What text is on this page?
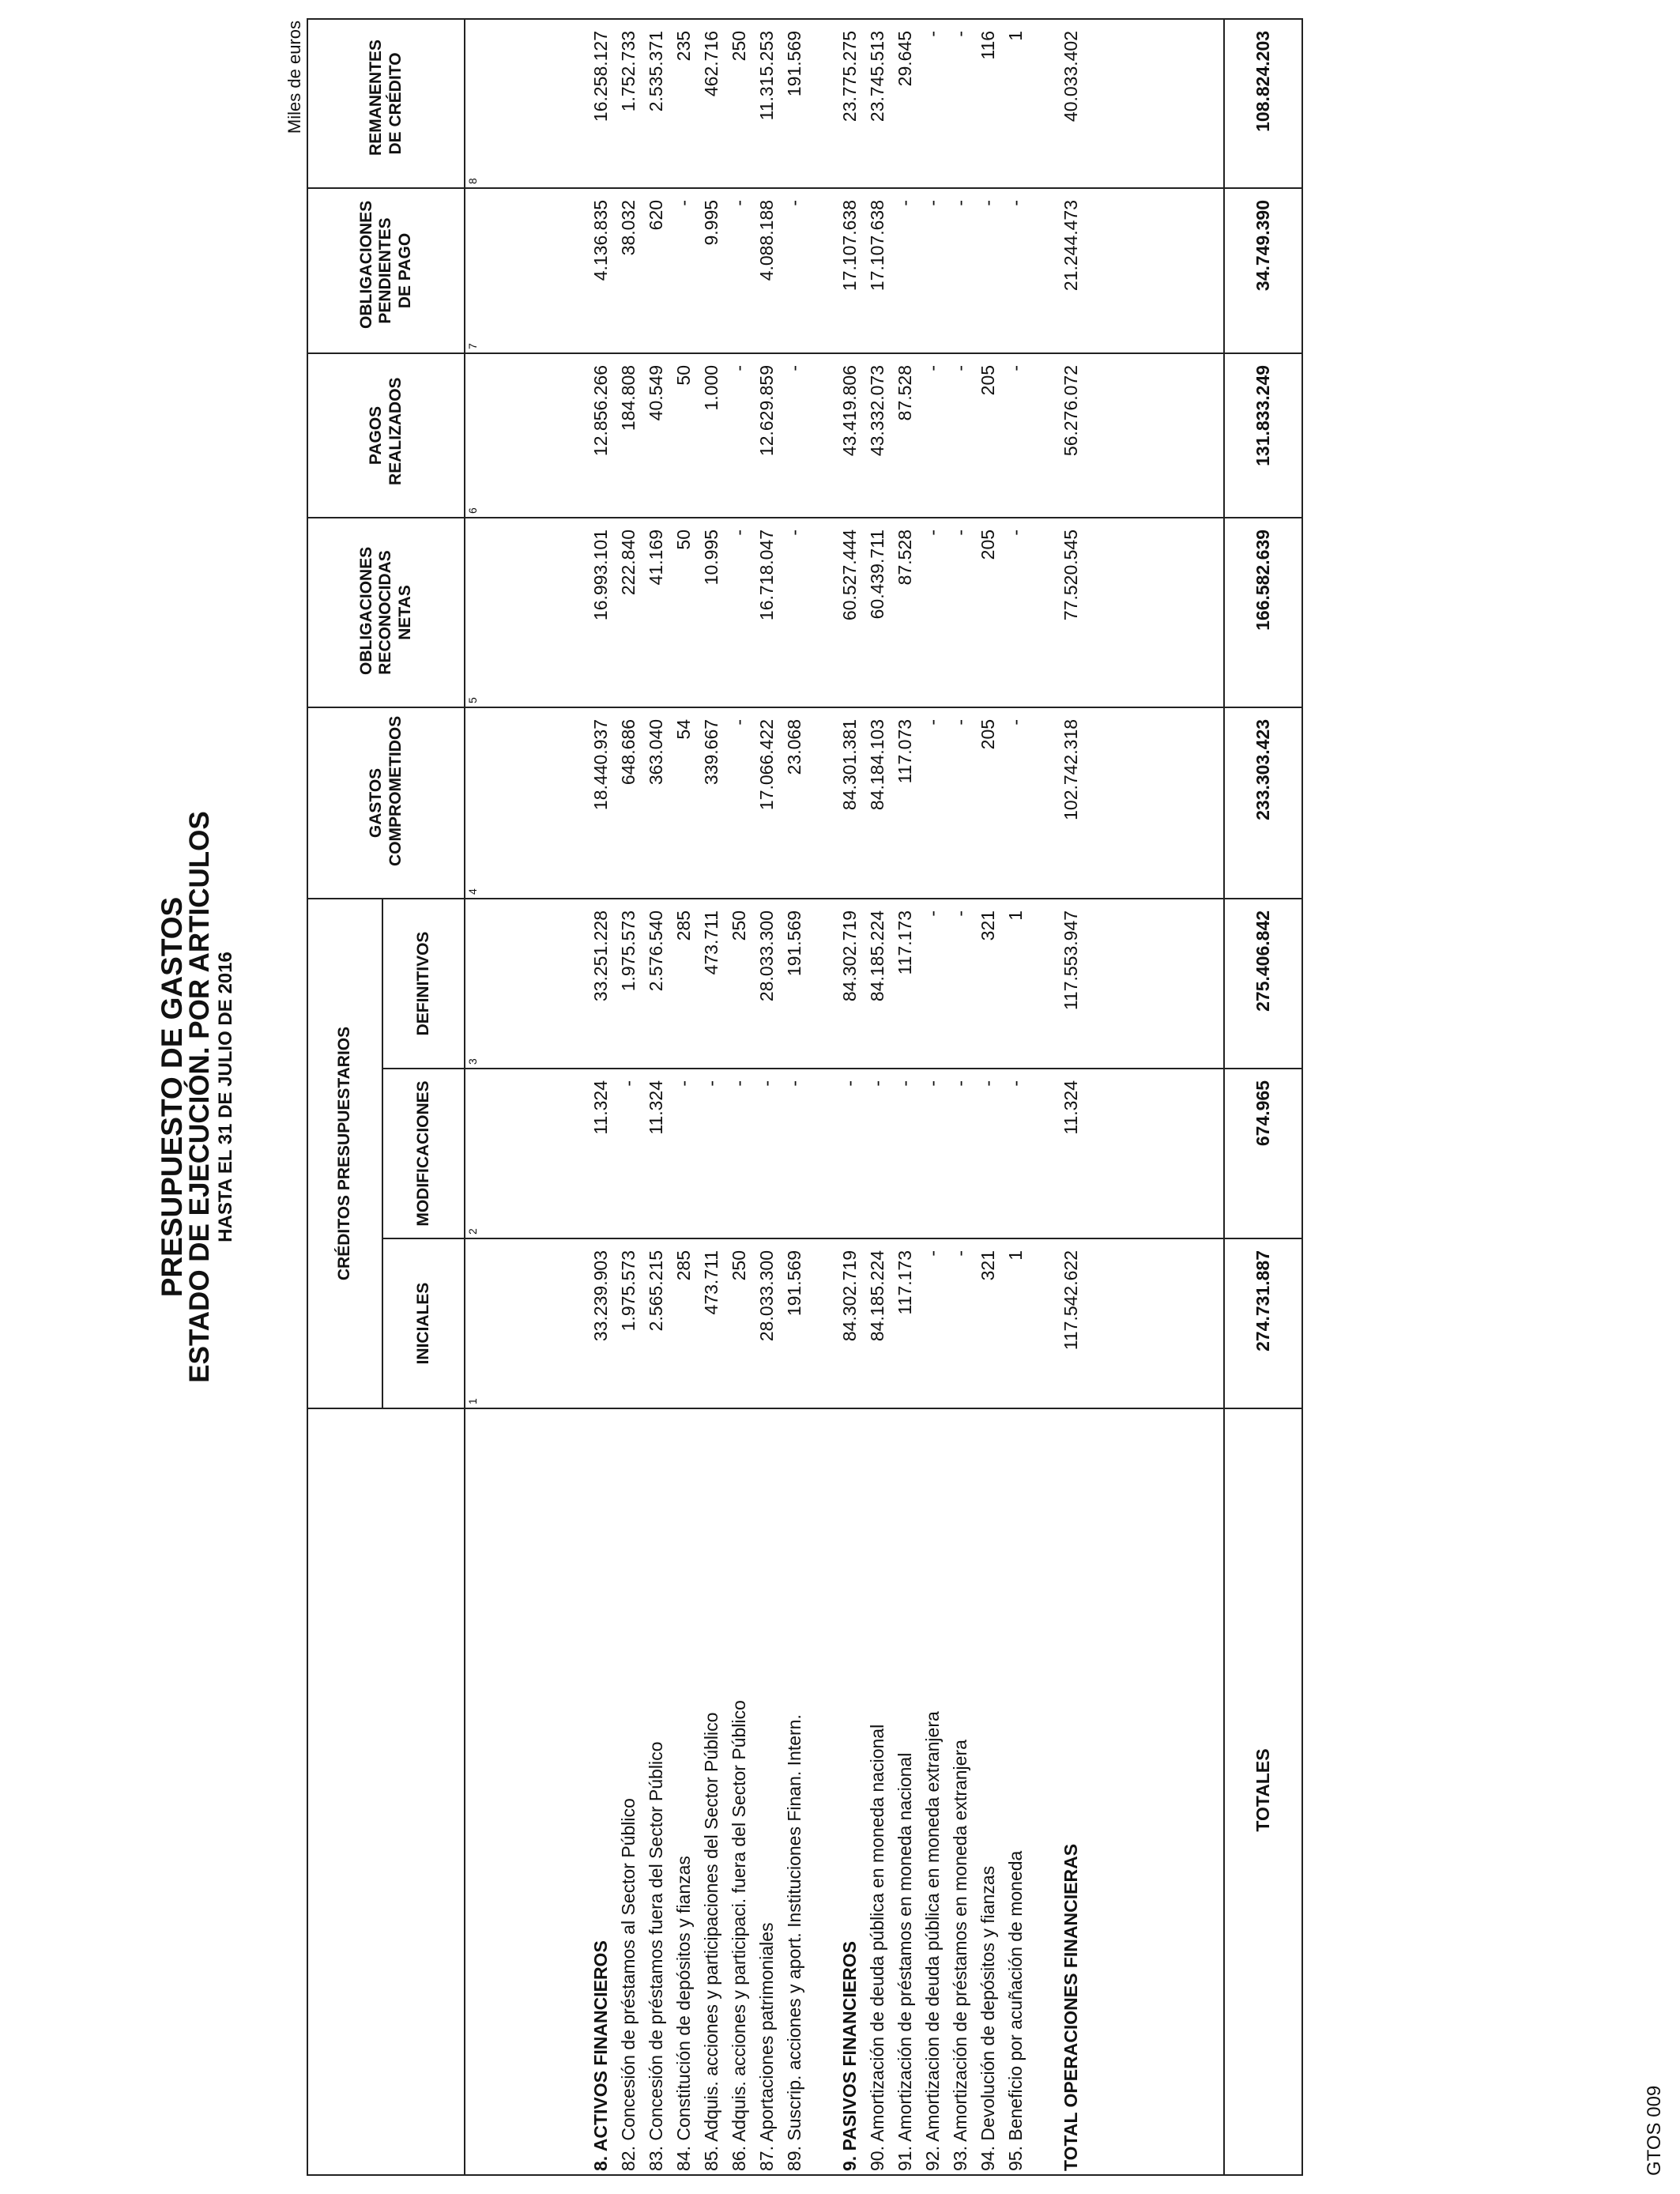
PRESUPUESTO DE GASTOS
ESTADO DE EJECUCIÓN. POR ARTICULOS HASTA EL 31 DE JULIO DE 2016
Miles de euros
	CRÉDITOS PRESUPUESTARIOS			GASTOS COMPROMETIDOS	OBLIGACIONES RECONOCIDAS NETAS	PAGOS REALIZADOS	OBLIGACIONES PENDIENTES DE PAGO	REMANENTES DE CRÉDITO
	INICIALES	MODIFICACIONES	DEFINITIVOS					
	1	2	3	4	5	6	7	8

8. ACTIVOS FINANCIEROS	33.239.903	11.324	33.251.228	18.440.937	16.993.101	12.856.266	4.136.835	16.258.127
82. Concesión de préstamos al Sector Público	1.975.573	-	1.975.573	648.686	222.840	184.808	38.032	1.752.733
83. Concesión de préstamos fuera del Sector Público	2.565.215	11.324	2.576.540	363.040	41.169	40.549	620	2.535.371
84. Constitución de depósitos y fianzas	285	-	285	54	50	50	-	235
85. Adquis. acciones y participaciones del Sector Público	473.711	-	473.711	339.667	10.995	1.000	9.995	462.716
86. Adquis. acciones y participaci. fuera del Sector Público	250	-	250	-	-	-	-	250
87. Aportaciones patrimoniales	28.033.300	-	28.033.300	17.066.422	16.718.047	12.629.859	4.088.188	11.315.253
89. Suscrip. acciones y aport. Instituciones Finan. Intern.	191.569	-	191.569	23.068	-	-	-	191.569

9. PASIVOS FINANCIEROS	84.302.719	-	84.302.719	84.301.381	60.527.444	43.419.806	17.107.638	23.775.275
90. Amortización de deuda pública en moneda nacional	84.185.224	-	84.185.224	84.184.103	60.439.711	43.332.073	17.107.638	23.745.513
91. Amortización de préstamos en moneda nacional	117.173	-	117.173	117.073	87.528	87.528	-	29.645
92. Amortizacion de deuda pública en moneda extranjera	-	-	-	-	-	-	-	-
93. Amortización de préstamos en moneda extranjera	-	-	-	-	-	-	-	-
94. Devolución de depósitos y fianzas	321	-	321	205	205	205	-	116
95. Beneficio por acuñación de moneda	1	-	1	-	-	-	-	1

TOTAL OPERACIONES FINANCIERAS	117.542.622	11.324	117.553.947	102.742.318	77.520.545	56.276.072	21.244.473	40.033.402

TOTALES	274.731.887	674.965	275.406.842	233.303.423	166.582.639	131.833.249	34.749.390	108.824.203
GTOS 009
